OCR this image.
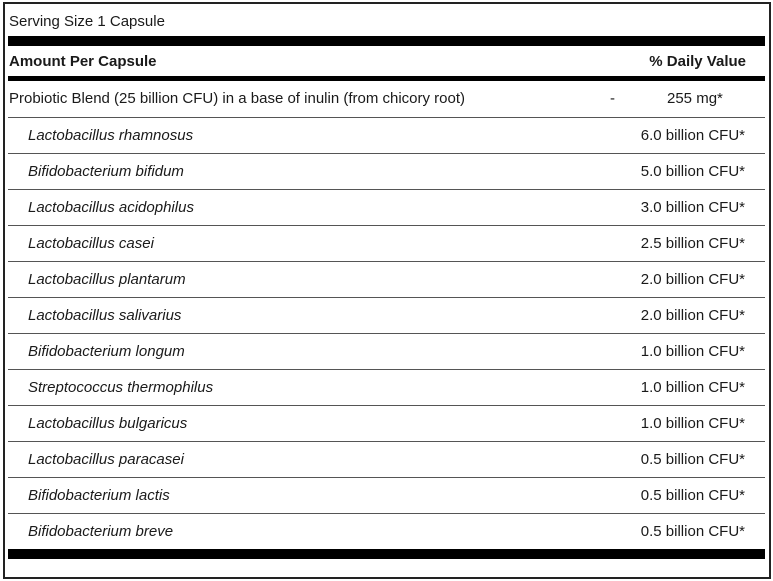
Serving Size 1 Capsule
Amount Per Capsule	% Daily Value
Probiotic Blend (25 billion CFU) in a base of inulin (from chicory root)	-	255 mg*
Lactobacillus rhamnosus	6.0 billion CFU*
Bifidobacterium bifidum	5.0 billion CFU*
Lactobacillus acidophilus	3.0 billion CFU*
Lactobacillus casei	2.5 billion CFU*
Lactobacillus plantarum	2.0 billion CFU*
Lactobacillus salivarius	2.0 billion CFU*
Bifidobacterium longum	1.0 billion CFU*
Streptococcus thermophilus	1.0 billion CFU*
Lactobacillus bulgaricus	1.0 billion CFU*
Lactobacillus paracasei	0.5 billion CFU*
Bifidobacterium lactis	0.5 billion CFU*
Bifidobacterium breve	0.5 billion CFU*
